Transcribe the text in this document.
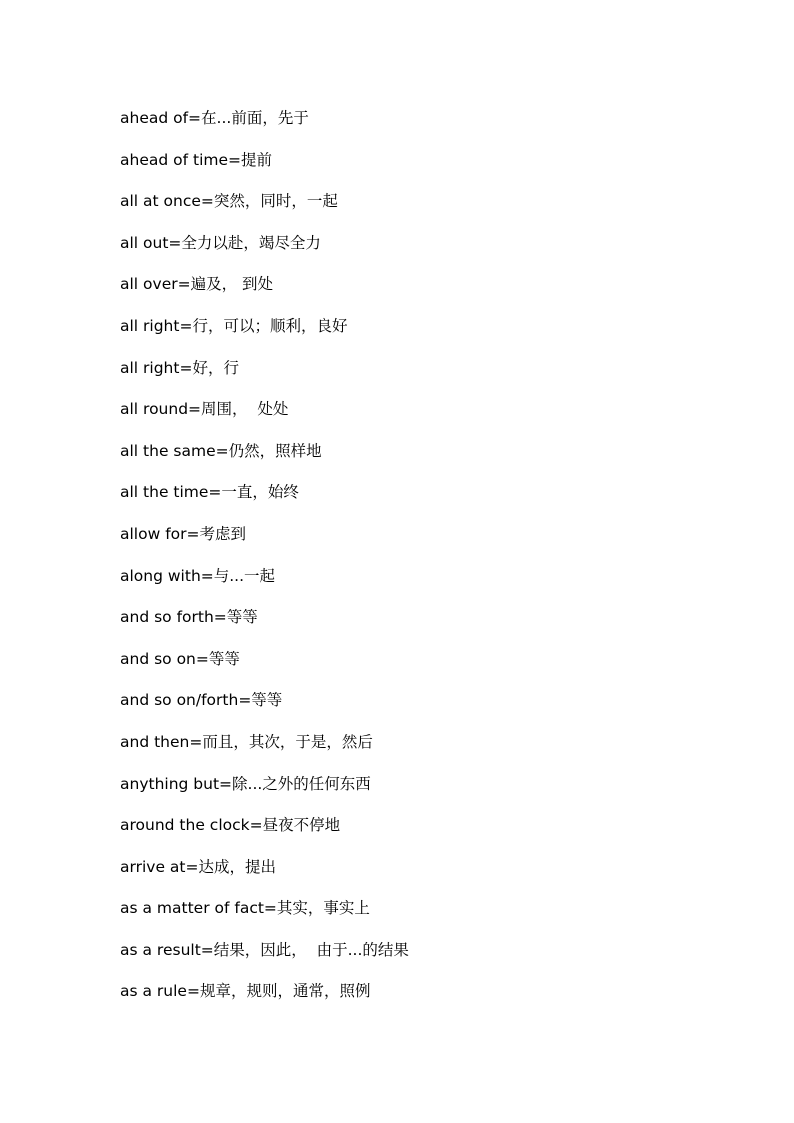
ahead of=在...前面，先于
ahead of time=提前
all at once=突然，同时，一起
all out=全力以赴，竭尽全力
all over=遍及， 到处
all right=行，可以；顺利，良好
all right=好，行
all round=周围，  处处
all the same=仍然，照样地
all the time=一直，始终
allow for=考虑到
along with=与...一起
and so forth=等等
and so on=等等
and so on/forth=等等
and then=而且，其次，于是，然后
anything but=除...之外的任何东西
around the clock=昼夜不停地
arrive at=达成，提出
as a matter of fact=其实，事实上
as a result=结果，因此，  由于...的结果
as a rule=规章，规则，通常，照例
